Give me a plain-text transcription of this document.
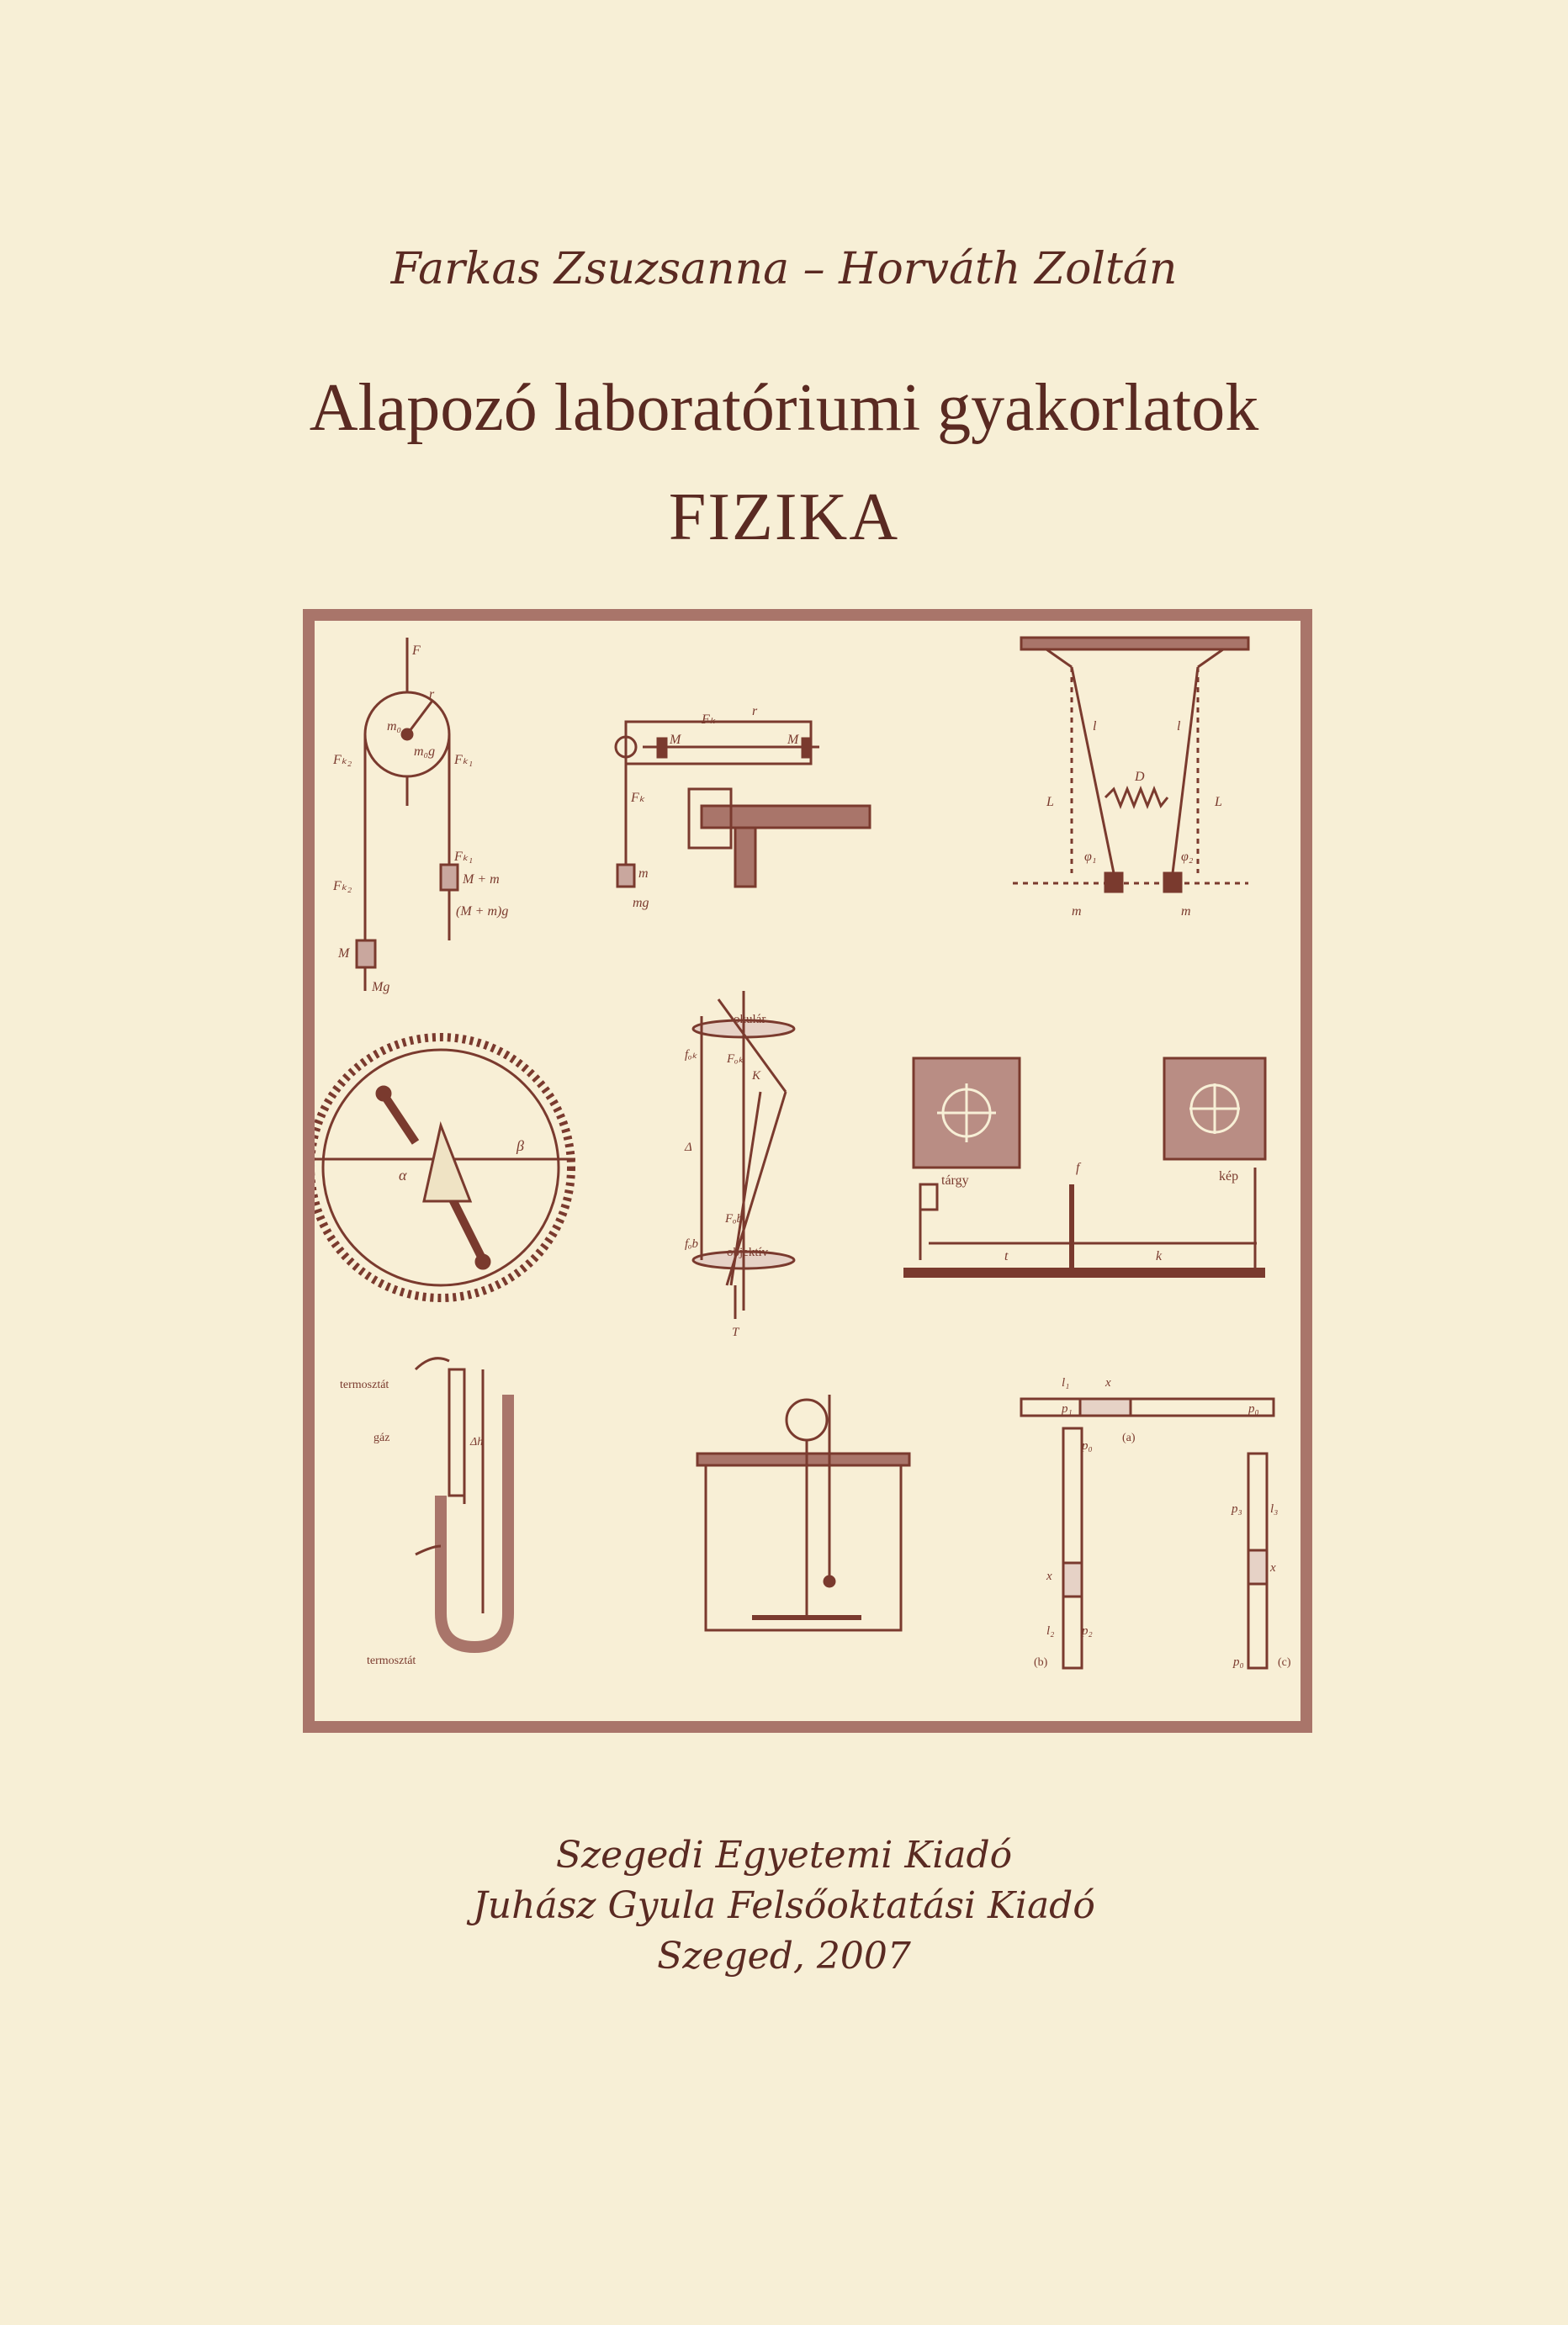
Farkas Zsuzsanna – Horváth Zoltán
Alapozó laboratóriumi gyakorlatok
FIZIKA
F
r
m₀
m₀g
Fₖ₂	Fₖ₁
Fₖ₂
Fₖ₁
M + m
(M + m)g
M
Mg
Fₖ
r
M	M
Fₖ
m
mg
l	l
L	L
D
φ₁	φ₂
m	m
α
β
okulár
objektív
fₒₖ Fₒₖ
K
Δ
Fₒb
fₒb
T
tárgy	kép
f
t	k
termosztát
gáz
termosztát
Δh
l₁	x
p₁	p₀
p₀
x
l₂ p₂
p₃ l₃
x
p₀
(a)
(b)	(c)
Szegedi Egyetemi Kiadó
Juhász Gyula Felsőoktatási Kiadó
Szeged, 2007
